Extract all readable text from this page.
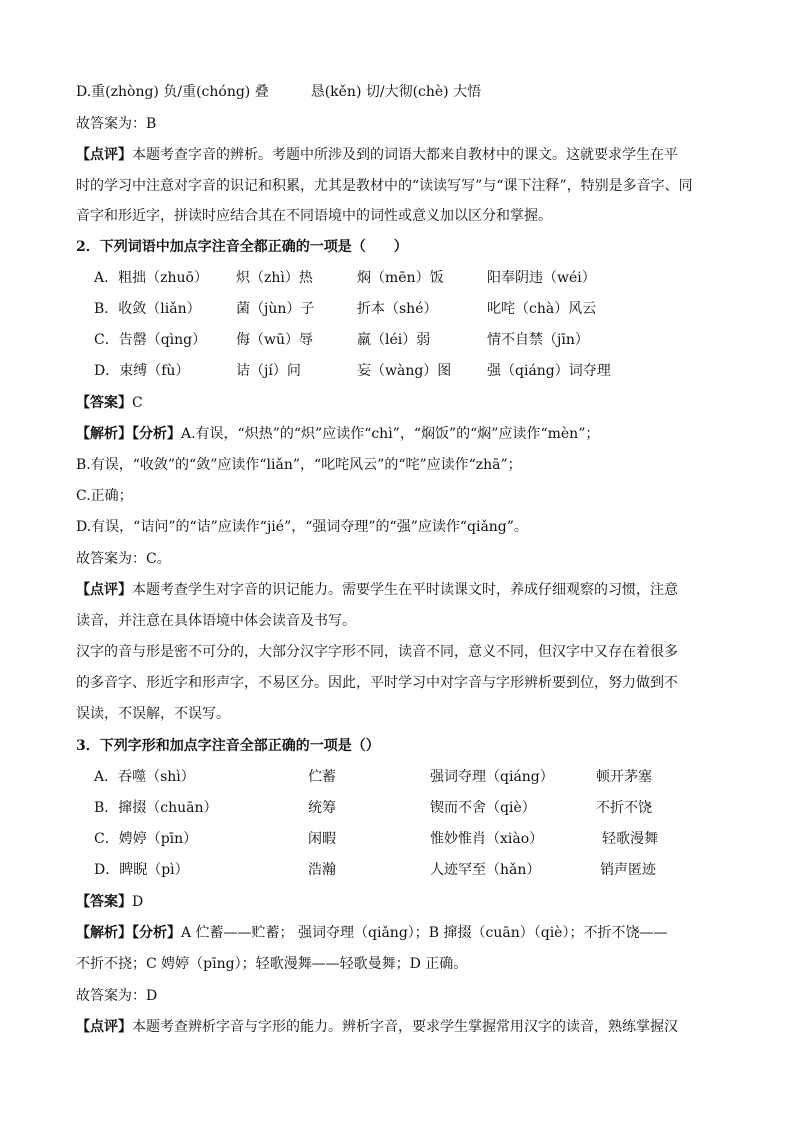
D.重(zhòng) 负/重(chóng) 叠　　　恳(kěn) 切/大彻(chè) 大悟
故答案为：B
【点评】本题考查字音的辨析。考题中所涉及到的词语大都来自教材中的课文。这就要求学生在平
时的学习中注意对字音的识记和积累，尤其是教材中的“读读写写”与“课下注释”，特别是多音字、同
音字和形近字，拼读时应结合其在不同语境中的词性或意义加以区分和掌握。
2．下列词语中加点字注音全都正确的一项是（　　）
A．粗拙（zhuō） 炽（zhì）热	焖（mēn）饭	阳奉阴违（wéi）
B．收敛（liǎn）	菌（jùn）子	折本（shé）	叱咤（chà）风云
C．告罄（qìng） 侮（wū）辱	羸（léi）弱	情不自禁（jīn）
D．束缚（fù）	诘（jí）问	妄（wàng）图	强（qiáng）词夺理
【答案】C
【解析】【分析】A.有误，“炽热”的“炽”应读作“chì”，“焖饭”的“焖”应读作“mèn”；
B.有误，“收敛”的“敛”应读作“liǎn”，“叱咤风云”的“咤”应读作“zhā”；
C.正确；
D.有误，“诘问”的“诘”应读作“jié”，“强词夺理”的“强”应读作“qiǎng”。
故答案为：C。
【点评】本题考查学生对字音的识记能力。需要学生在平时读课文时，养成仔细观察的习惯，注意
读音，并注意在具体语境中体会读音及书写。
汉字的音与形是密不可分的，大部分汉字字形不同，读音不同，意义不同，但汉字中又存在着很多
的多音字、形近字和形声字，不易区分。因此，平时学习中对字音与字形辨析要到位，努力做到不
误读，不误解，不误写。
3．下列字形和加点字注音全部正确的一项是（）
A．吞噬（shì）	伫蓄	强词夺理（qiáng）	顿开茅塞
B．撺掇（chuān）	统筹	锲而不舍（qiè）	不折不饶
C．娉婷（pīn）	闲暇	惟妙惟肖（xiào）	轻歌漫舞
D．睥睨（pì）	浩瀚	人迹罕至（hǎn）	销声匿迹
【答案】D
【解析】【分析】A 伫蓄——贮蓄； 强词夺理（qiǎng）；B 撺掇（cuān）（qiè）；不折不饶——
不折不挠；C 娉婷（pīng）；轻歌漫舞——轻歌曼舞；D 正确。
故答案为：D
【点评】本题考查辨析字音与字形的能力。辨析字音，要求学生掌握常用汉字的读音，熟练掌握汉
